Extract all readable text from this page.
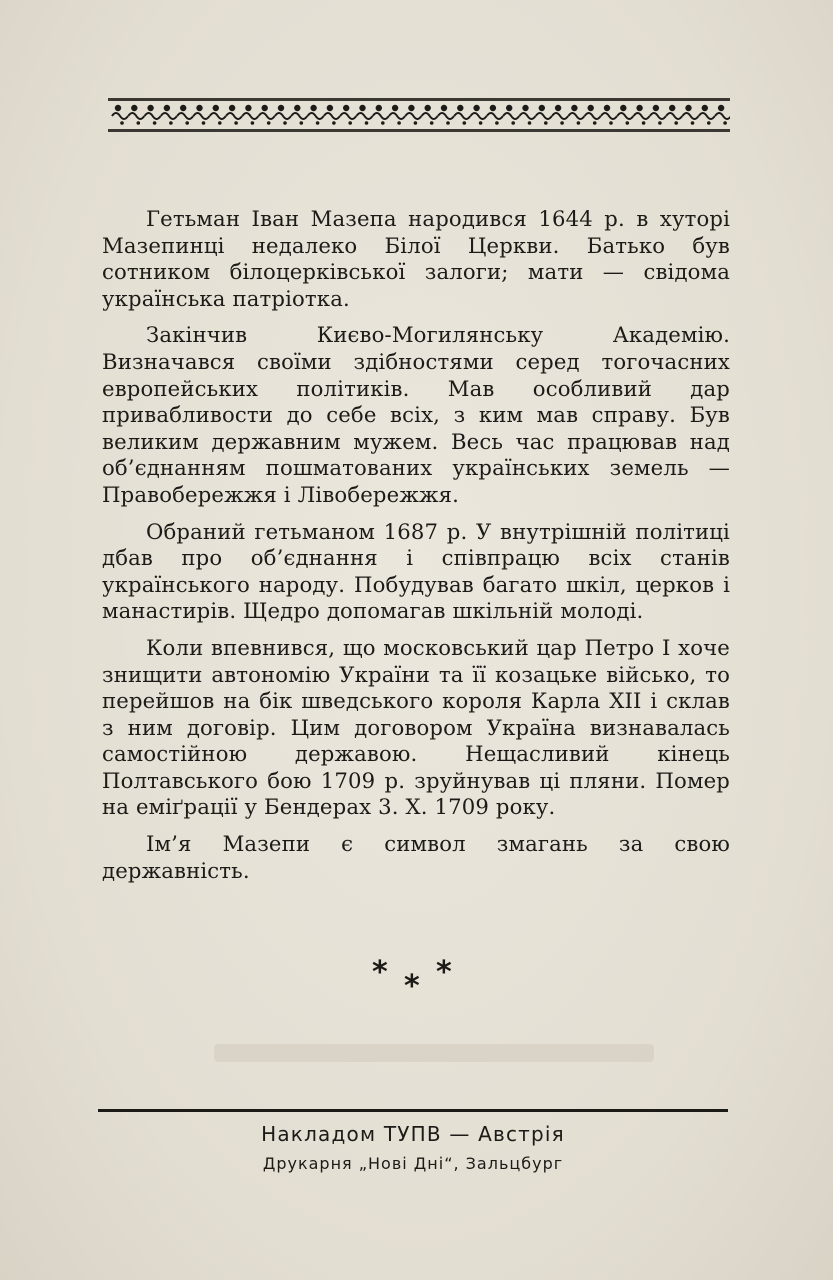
Гетьман Іван Мазепа народився 1644 р. в хуторі Мазепинці недалеко Білої Церкви. Батько був сотником білоцерківської залоги; мати — свідома українська патріотка.

Закінчив Києво-Могилянську Академію. Визначався своїми здібностями серед тогочасних европейських політиків. Мав особливий дар привабливости до себе всіх, з ким мав справу. Був великим державним мужем. Весь час працював над об’єднанням пошматованих українських земель — Правобережжя і Лівобережжя.

Обраний гетьманом 1687 р. У внутрішній політиці дбав про об’єднання і співпрацю всіх станів українського народу. Побудував багато шкіл, церков і манастирів. Щедро допомагав шкільній молоді.

Коли впевнився, що московський цар Петро I хоче знищити автономію України та її козацьке військо, то перейшов на бік шведського короля Карла XII і склав з ним договір. Цим договором Україна визнавалась самостійною державою. Нещасливий кінець Полтавського бою 1709 р. зруйнував ці пляни. Помер на еміґрації у Бендерах 3. X. 1709 року.

Ім’я Мазепи є символ змагань за свою державність.

* * *
Накладом ТУПВ — Австрія
Друкарня „Нові Дні“, Зальцбург
